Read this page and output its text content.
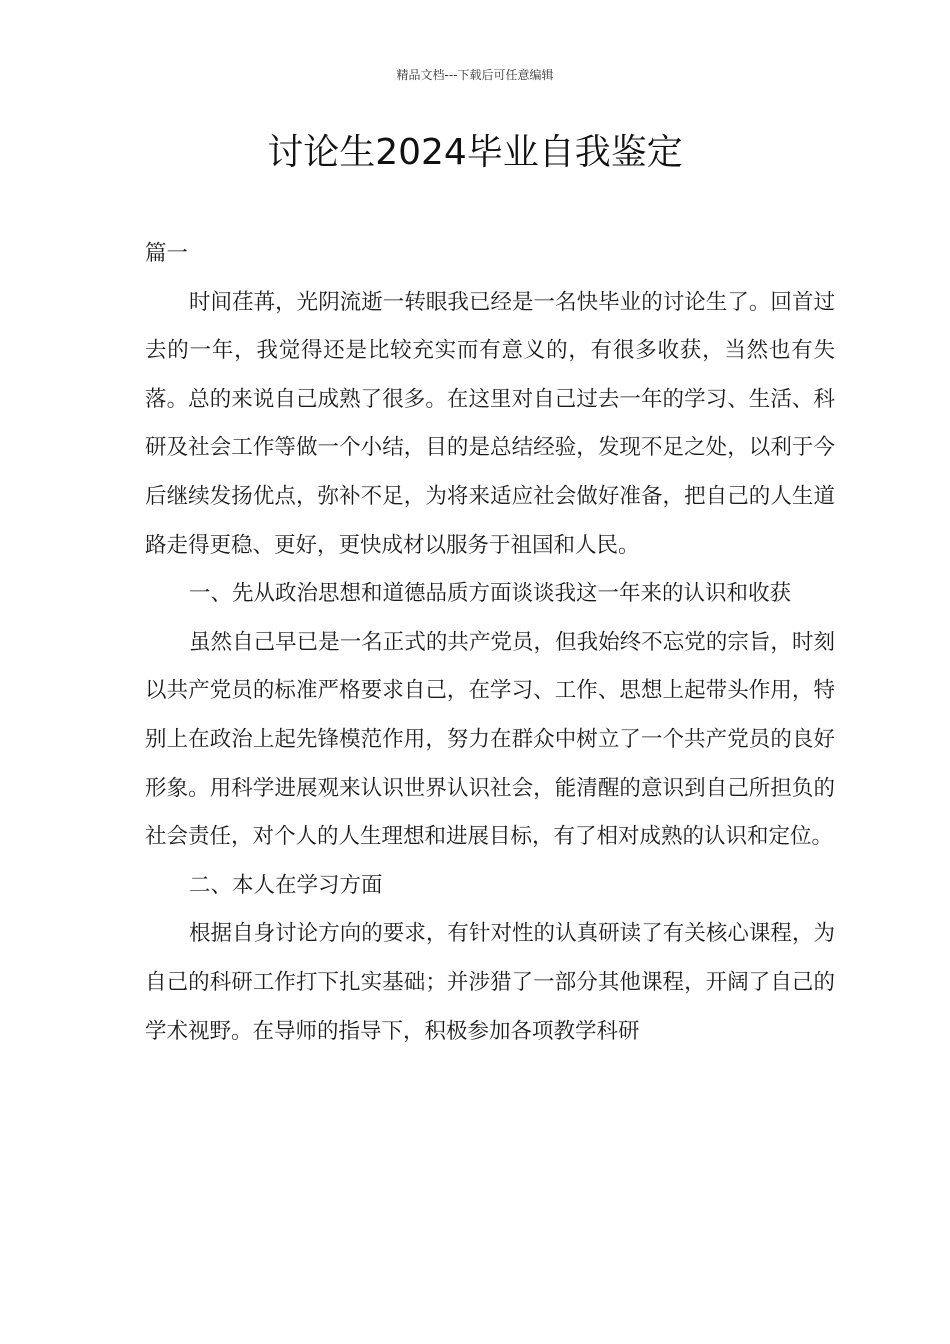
精品文档---下载后可任意编辑
讨论生2024毕业自我鉴定

篇一

时间荏苒，光阴流逝一转眼我已经是一名快毕业的讨论生了。回首过去的一年，我觉得还是比较充实而有意义的，有很多收获，当然也有失落。总的来说自己成熟了很多。在这里对自己过去一年的学习、生活、科研及社会工作等做一个小结，目的是总结经验，发现不足之处，以利于今后继续发扬优点，弥补不足，为将来适应社会做好准备，把自己的人生道路走得更稳、更好，更快成材以服务于祖国和人民。

一、先从政治思想和道德品质方面谈谈我这一年来的认识和收获

虽然自己早已是一名正式的共产党员，但我始终不忘党的宗旨，时刻以共产党员的标准严格要求自己，在学习、工作、思想上起带头作用，特别上在政治上起先锋模范作用，努力在群众中树立了一个共产党员的良好形象。用科学进展观来认识世界认识社会，能清醒的意识到自己所担负的社会责任，对个人的人生理想和进展目标，有了相对成熟的认识和定位。

二、本人在学习方面

根据自身讨论方向的要求，有针对性的认真研读了有关核心课程，为自己的科研工作打下扎实基础；并涉猎了一部分其他课程，开阔了自己的学术视野。在导师的指导下，积极参加各项教学科研
